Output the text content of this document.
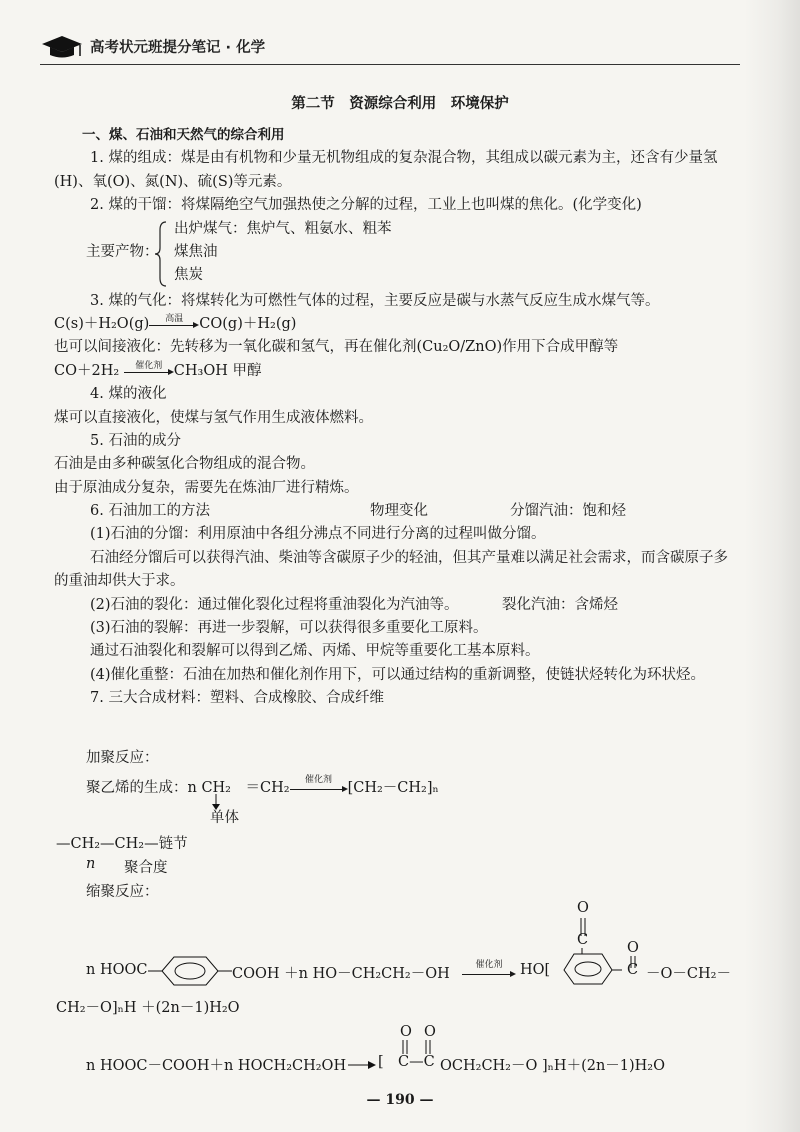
高考状元班提分笔记 · 化学
第二节　资源综合利用　环境保护
一、煤、石油和天然气的综合利用
1. 煤的组成：煤是由有机物和少量无机物组成的复杂混合物，其组成以碳元素为主，还含有少量氢
(H)、氧(O)、氮(N)、硫(S)等元素。
2. 煤的干馏：将煤隔绝空气加强热使之分解的过程，工业上也叫煤的焦化。(化学变化)
主要产物：
出炉煤气：焦炉气、粗氨水、粗苯
煤焦油
焦炭
3. 煤的气化：将煤转化为可燃性气体的过程，主要反应是碳与水蒸气反应生成水煤气等。
C(s)＋H₂O(g)	高温	CO(g)＋H₂(g)
也可以间接液化：先转移为一氧化碳和氢气，再在催化剂(Cu₂O/ZnO)作用下合成甲醇等
CO＋2H₂	催化剂 CH₃OH 甲醇
4. 煤的液化
煤可以直接液化，使煤与氢气作用生成液体燃料。
5. 石油的成分
石油是由多种碳氢化合物组成的混合物。
由于原油成分复杂，需要先在炼油厂进行精炼。
6. 石油加工的方法	物理变化	分馏汽油：饱和烃
(1)石油的分馏：利用原油中各组分沸点不同进行分离的过程叫做分馏。
石油经分馏后可以获得汽油、柴油等含碳原子少的轻油，但其产量难以满足社会需求，而含碳原子多
的重油却供大于求。
(2)石油的裂化：通过催化裂化过程将重油裂化为汽油等。	裂化汽油：含烯烃
(3)石油的裂解：再进一步裂解，可以获得很多重要化工原料。
通过石油裂化和裂解可以得到乙烯、丙烯、甲烷等重要化工基本原料。
(4)催化重整：石油在加热和催化剂作用下，可以通过结构的重新调整，使链状烃转化为环状烃。
7. 三大合成材料：塑料、合成橡胶、合成纤维
加聚反应：
聚乙烯的生成：n CH₂　＝CH₂	催化剂	[CH₂－CH₂]ₙ
单体
—CH₂—CH₂—链节
n 聚合度
缩聚反应：
n HOOC	COOH ＋n HO－CH₂CH₂－OH
催化剂	HO[
O
C	O
C －O－CH₂－
CH₂－O]ₙH ＋(2n－1)H₂O
O O
n HOOC－COOH＋n HOCH₂CH₂OH → [ C—C OCH₂CH₂－O ]ₙH＋(2n－1)H₂O
— 190 —
